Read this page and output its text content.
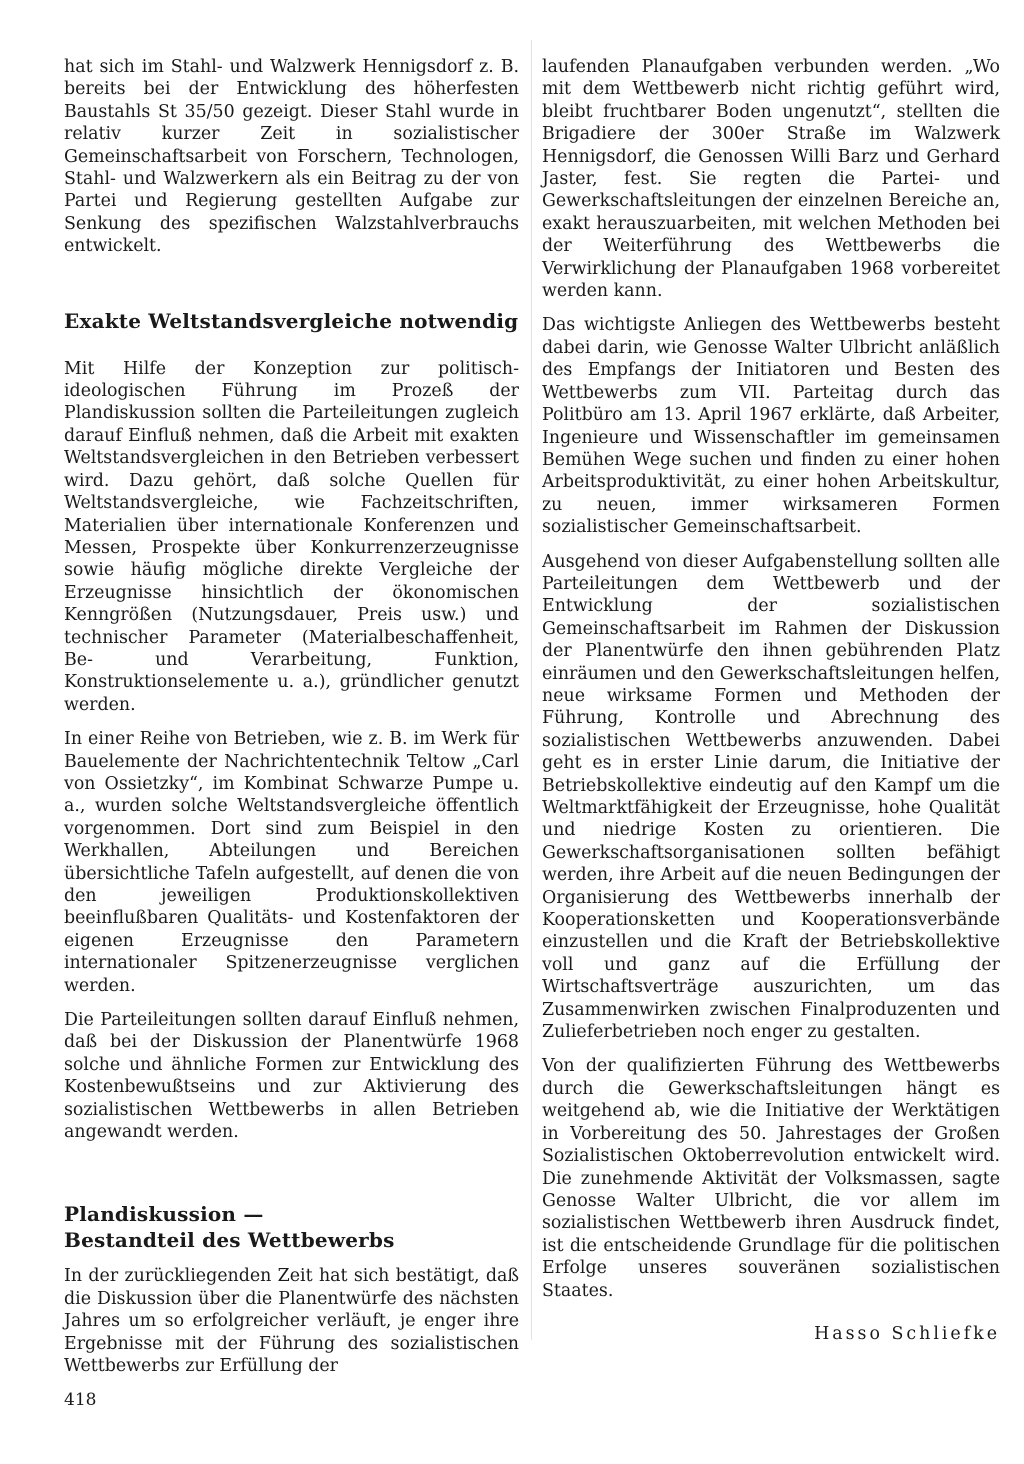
hat sich im Stahl- und Walzwerk Hennigsdorf z. B. bereits bei der Entwicklung des höherfesten Baustahls St 35/50 gezeigt. Dieser Stahl wurde in relativ kurzer Zeit in sozialistischer Gemeinschaftsarbeit von Forschern, Technologen, Stahl- und Walzwerkern als ein Beitrag zu der von Partei und Regierung gestellten Aufgabe zur Senkung des spezifischen Walzstahlverbrauchs entwickelt.

Exakte Weltstandsvergleiche notwendig

Mit Hilfe der Konzeption zur politisch-ideologischen Führung im Prozeß der Plandiskussion sollten die Parteileitungen zugleich darauf Einfluß nehmen, daß die Arbeit mit exakten Weltstandsvergleichen in den Betrieben verbessert wird. Dazu gehört, daß solche Quellen für Weltstandsvergleiche, wie Fachzeitschriften, Materialien über internationale Konferenzen und Messen, Prospekte über Konkurrenzerzeugnisse sowie häufig mögliche direkte Vergleiche der Erzeugnisse hinsichtlich der ökonomischen Kenngrößen (Nutzungsdauer, Preis usw.) und technischer Parameter (Materialbeschaffenheit, Be- und Verarbeitung, Funktion, Konstruktionselemente u. a.), gründlicher genutzt werden.

In einer Reihe von Betrieben, wie z. B. im Werk für Bauelemente der Nachrichtentechnik Teltow „Carl von Ossietzky“, im Kombinat Schwarze Pumpe u. a., wurden solche Weltstandsvergleiche öffentlich vorgenommen. Dort sind zum Beispiel in den Werkhallen, Abteilungen und Bereichen übersichtliche Tafeln aufgestellt, auf denen die von den jeweiligen Produktionskollektiven beeinflußbaren Qualitäts- und Kostenfaktoren der eigenen Erzeugnisse den Parametern internationaler Spitzenerzeugnisse verglichen werden.

Die Parteileitungen sollten darauf Einfluß nehmen, daß bei der Diskussion der Planentwürfe 1968 solche und ähnliche Formen zur Entwicklung des Kostenbewußtseins und zur Aktivierung des sozialistischen Wettbewerbs in allen Betrieben angewandt werden.

Plandiskussion —
Bestandteil des Wettbewerbs

In der zurückliegenden Zeit hat sich bestätigt, daß die Diskussion über die Planentwürfe des nächsten Jahres um so erfolgreicher verläuft, je enger ihre Ergebnisse mit der Führung des sozialistischen Wettbewerbs zur Erfüllung der

laufenden Planaufgaben verbunden werden. „Wo mit dem Wettbewerb nicht richtig geführt wird, bleibt fruchtbarer Boden ungenutzt“, stellten die Brigadiere der 300er Straße im Walzwerk Hennigsdorf, die Genossen Willi Barz und Gerhard Jaster, fest. Sie regten die Partei- und Gewerkschaftsleitungen der einzelnen Bereiche an, exakt herauszuarbeiten, mit welchen Methoden bei der Weiterführung des Wettbewerbs die Verwirklichung der Planaufgaben 1968 vorbereitet werden kann.

Das wichtigste Anliegen des Wettbewerbs besteht dabei darin, wie Genosse Walter Ulbricht anläßlich des Empfangs der Initiatoren und Besten des Wettbewerbs zum VII. Parteitag durch das Politbüro am 13. April 1967 erklärte, daß Arbeiter, Ingenieure und Wissenschaftler im gemeinsamen Bemühen Wege suchen und finden zu einer hohen Arbeitsproduktivität, zu einer hohen Arbeitskultur, zu neuen, immer wirksameren Formen sozialistischer Gemeinschaftsarbeit.

Ausgehend von dieser Aufgabenstellung sollten alle Parteileitungen dem Wettbewerb und der Entwicklung der sozialistischen Gemeinschaftsarbeit im Rahmen der Diskussion der Planentwürfe den ihnen gebührenden Platz einräumen und den Gewerkschaftsleitungen helfen, neue wirksame Formen und Methoden der Führung, Kontrolle und Abrechnung des sozialistischen Wettbewerbs anzuwenden. Dabei geht es in erster Linie darum, die Initiative der Betriebskollektive eindeutig auf den Kampf um die Weltmarktfähigkeit der Erzeugnisse, hohe Qualität und niedrige Kosten zu orientieren. Die Gewerkschaftsorganisationen sollten befähigt werden, ihre Arbeit auf die neuen Bedingungen der Organisierung des Wettbewerbs innerhalb der Kooperationsketten und Kooperationsverbände einzustellen und die Kraft der Betriebskollektive voll und ganz auf die Erfüllung der Wirtschaftsverträge auszurichten, um das Zusammenwirken zwischen Finalproduzenten und Zulieferbetrieben noch enger zu gestalten.

Von der qualifizierten Führung des Wettbewerbs durch die Gewerkschaftsleitungen hängt es weitgehend ab, wie die Initiative der Werktätigen in Vorbereitung des 50. Jahrestages der Großen Sozialistischen Oktoberrevolution entwickelt wird. Die zunehmende Aktivität der Volksmassen, sagte Genosse Walter Ulbricht, die vor allem im sozialistischen Wettbewerb ihren Ausdruck findet, ist die entscheidende Grundlage für die politischen Erfolge unseres souveränen sozialistischen Staates.

Hasso Schliefke
418
